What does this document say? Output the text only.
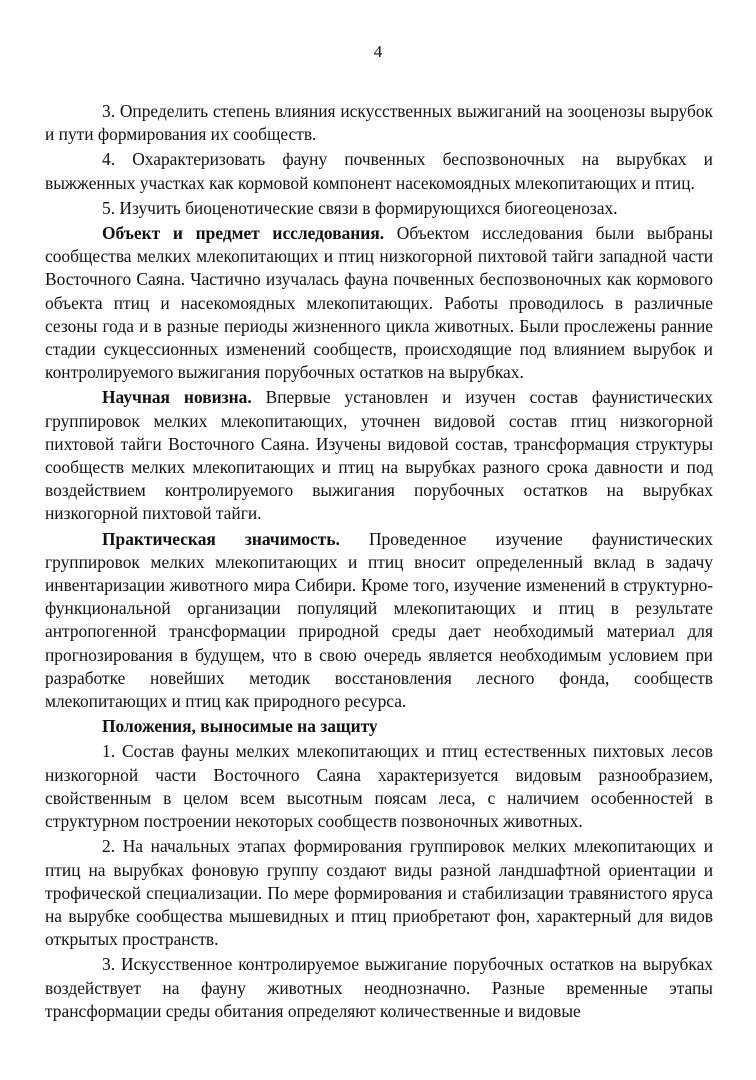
4

3. Определить степень влияния искусственных выжиганий на зооценозы вырубок и пути формирования их сообществ.

4. Охарактеризовать фауну почвенных беспозвоночных на вырубках и выжженных участках как кормовой компонент насекомоядных млекопитающих и птиц.

5. Изучить биоценотические связи в формирующихся биогеоценозах.

Объект и предмет исследования. Объектом исследования были выбраны сообщества мелких млекопитающих и птиц низкогорной пихтовой тайги западной части Восточного Саяна. Частично изучалась фауна почвенных беспозвоночных как кормового объекта птиц и насекомоядных млекопитающих. Работы проводилось в различные сезоны года и в разные периоды жизненного цикла животных. Были прослежены ранние стадии сукцессионных изменений сообществ, происходящие под влиянием вырубок и контролируемого выжигания порубочных остатков на вырубках.

Научная новизна. Впервые установлен и изучен состав фаунистических группировок мелких млекопитающих, уточнен видовой состав птиц низкогорной пихтовой тайги Восточного Саяна. Изучены видовой состав, трансформация структуры сообществ мелких млекопитающих и птиц на вырубках разного срока давности и под воздействием контролируемого выжигания порубочных остатков на вырубках низкогорной пихтовой тайги.

Практическая значимость. Проведенное изучение фаунистических группировок мелких млекопитающих и птиц вносит определенный вклад в задачу инвентаризации животного мира Сибири. Кроме того, изучение изменений в структурно-функциональной организации популяций млекопитающих и птиц в результате антропогенной трансформации природной среды дает необходимый материал для прогнозирования в будущем, что в свою очередь является необходимым условием при разработке новейших методик восстановления лесного фонда, сообществ млекопитающих и птиц как природного ресурса.

Положения, выносимые на защиту

1. Состав фауны мелких млекопитающих и птиц естественных пихтовых лесов низкогорной части Восточного Саяна характеризуется видовым разнообразием, свойственным в целом всем высотным поясам леса, с наличием особенностей в структурном построении некоторых сообществ позвоночных животных.

2. На начальных этапах формирования группировок мелких млекопитающих и птиц на вырубках фоновую группу создают виды разной ландшафтной ориентации и трофической специализации. По мере формирования и стабилизации травянистого яруса на вырубке сообщества мышевидных и птиц приобретают фон, характерный для видов открытых пространств.

3. Искусственное контролируемое выжигание порубочных остатков на вырубках воздействует на фауну животных неоднозначно. Разные временные этапы трансформации среды обитания определяют количественные и видовые
